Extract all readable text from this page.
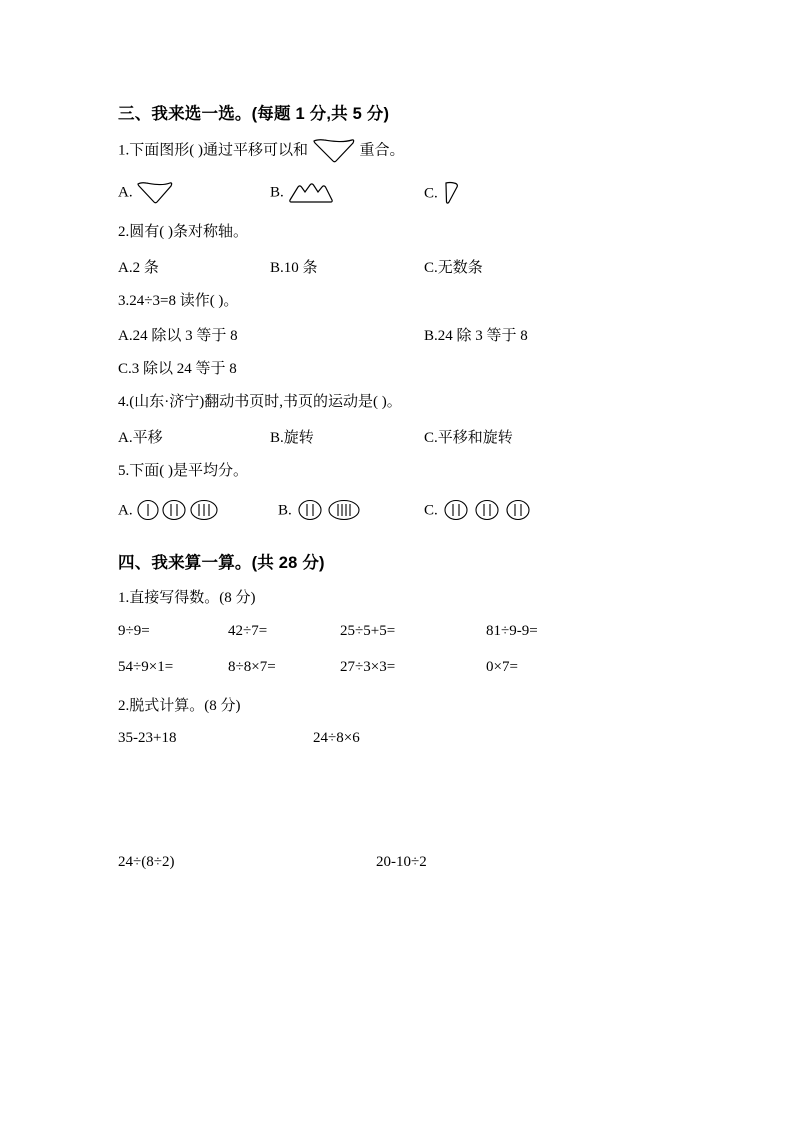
三、我来选一选。(每题 1 分,共 5 分)
1.下面图形( )通过平移可以和	重合。
A.	B.	C.
2.圆有( )条对称轴。
A.2 条	B.10 条	C.无数条
3.24÷3=8 读作( )。
A.24 除以 3 等于 8	B.24 除 3 等于 8
C.3 除以 24 等于 8
4.(山东·济宁)翻动书页时,书页的运动是( )。
A.平移	B.旋转	C.平移和旋转
5.下面( )是平均分。
A.	B.	C.
四、我来算一算。(共 28 分)
1.直接写得数。(8 分)
9÷9=	42÷7=	25÷5+5=	81÷9-9=
54÷9×1=	8÷8×7=	27÷3×3=	0×7=
2.脱式计算。(8 分)
35-23+18	24÷8×6
24÷(8÷2)	20-10÷2
